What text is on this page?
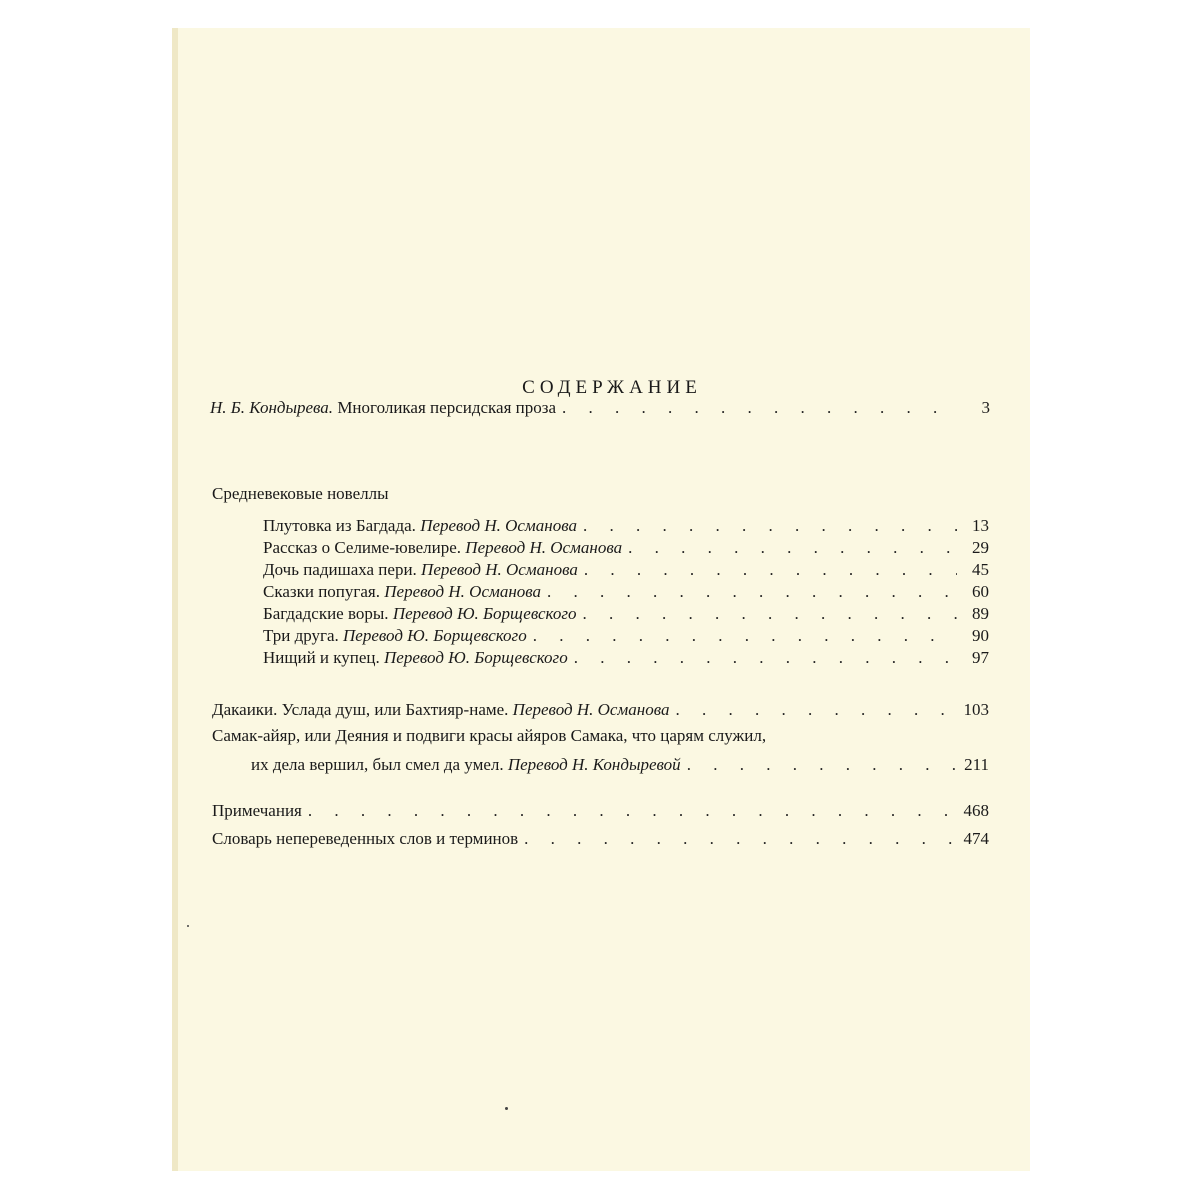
СОДЕРЖАНИЕ
Н. Б. Кондырева. Многоликая персидская проза . . .	3
Средневековые новеллы
Плутовка из Багдада. Перевод Н. Османова . . .	13
Рассказ о Селиме-ювелире. Перевод Н. Османова . . .	29
Дочь падишаха пери. Перевод Н. Османова . . .	45
Сказки попугая. Перевод Н. Османова . . .	60
Багдадские воры. Перевод Ю. Борщевского . . .	89
Три друга. Перевод Ю. Борщевского . . .	90
Нищий и купец. Перевод Ю. Борщевского . . .	97
Дакаики. Услада душ, или Бахтияр-наме. Перевод Н. Османова . . .	103
Самак-айяр, или Деяния и подвиги красы айяров Самака, что царям служил,
их дела вершил, был смел да умел. Перевод Н. Кондыревой . . .	211
Примечания . . .	468
Словарь непереведенных слов и терминов . . .	474
